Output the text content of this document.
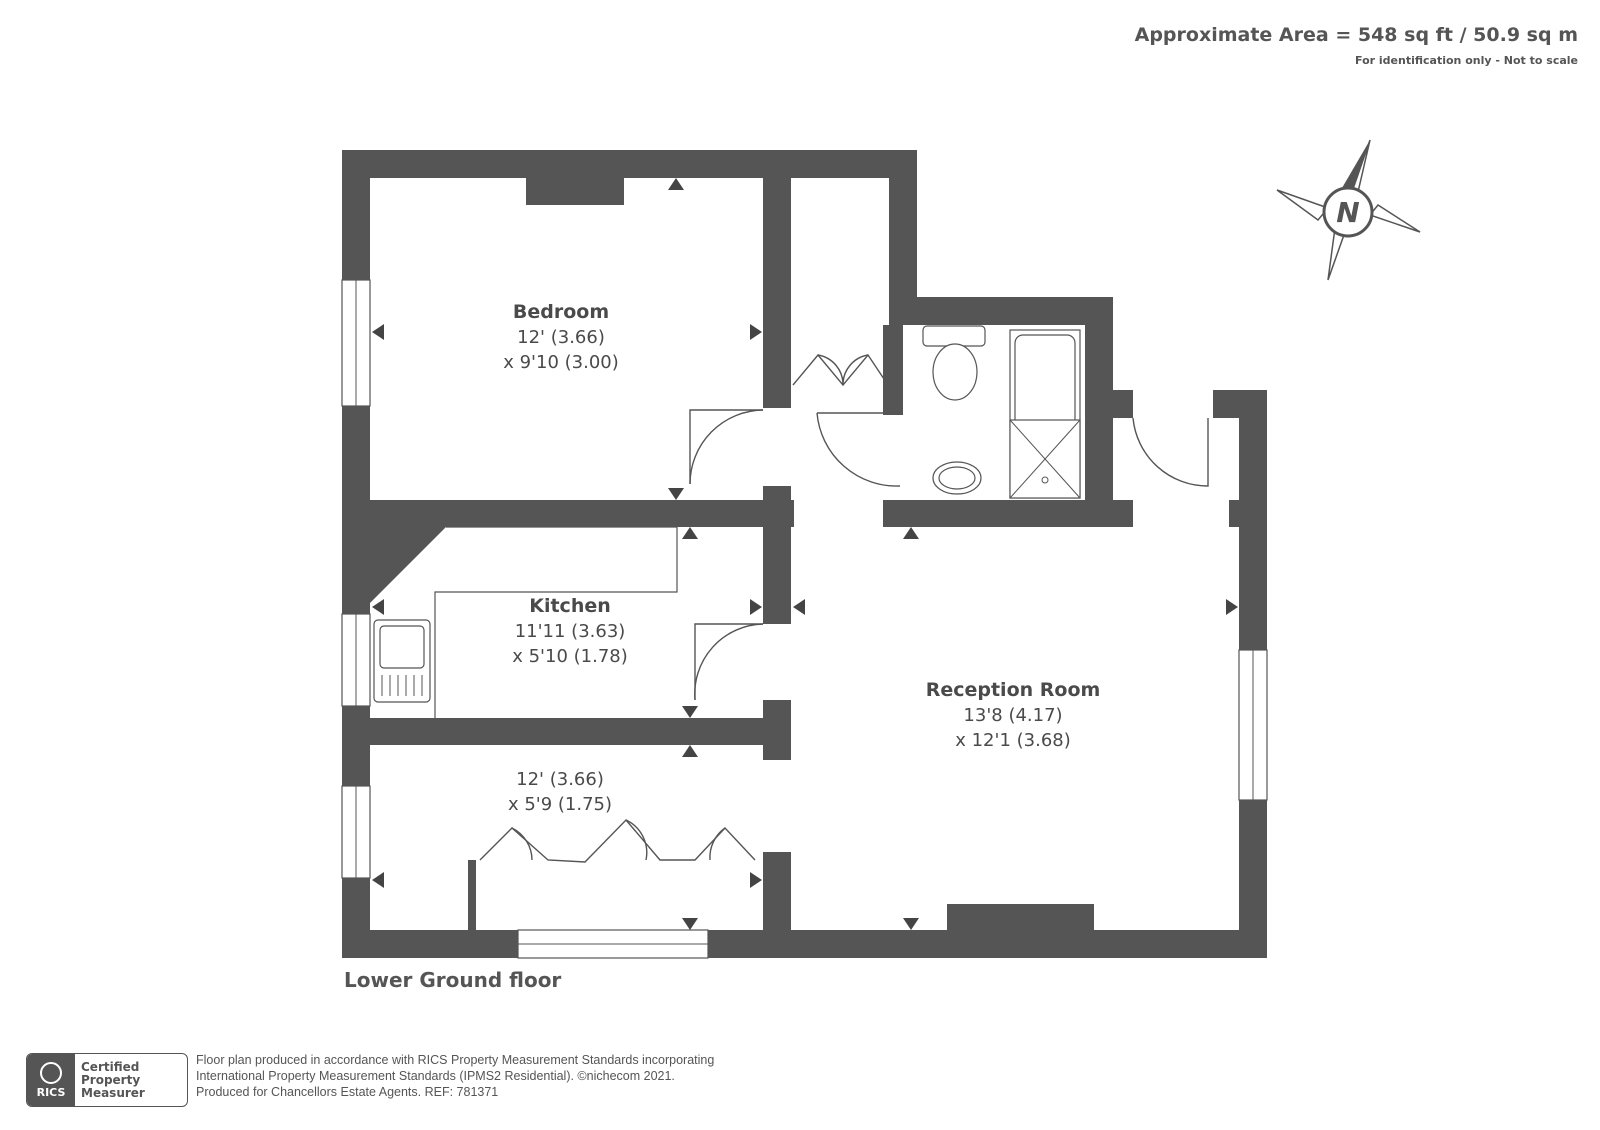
Approximate Area = 548 sq ft / 50.9 sq m
For identification only - Not to scale
N
Bedroom
12' (3.66)
x 9'10 (3.00)
Kitchen
11'11 (3.63)
x 5'10 (1.78)
Reception Room
13'8 (4.17)
x 12'1 (3.68)
12' (3.66)
x 5'9 (1.75)
Lower Ground floor
RICS
Certified
Property
Measurer
Floor plan produced in accordance with RICS Property Measurement Standards incorporating
International Property Measurement Standards (IPMS2 Residential). ©nichecom 2021.
Produced for Chancellors Estate Agents. REF: 781371
